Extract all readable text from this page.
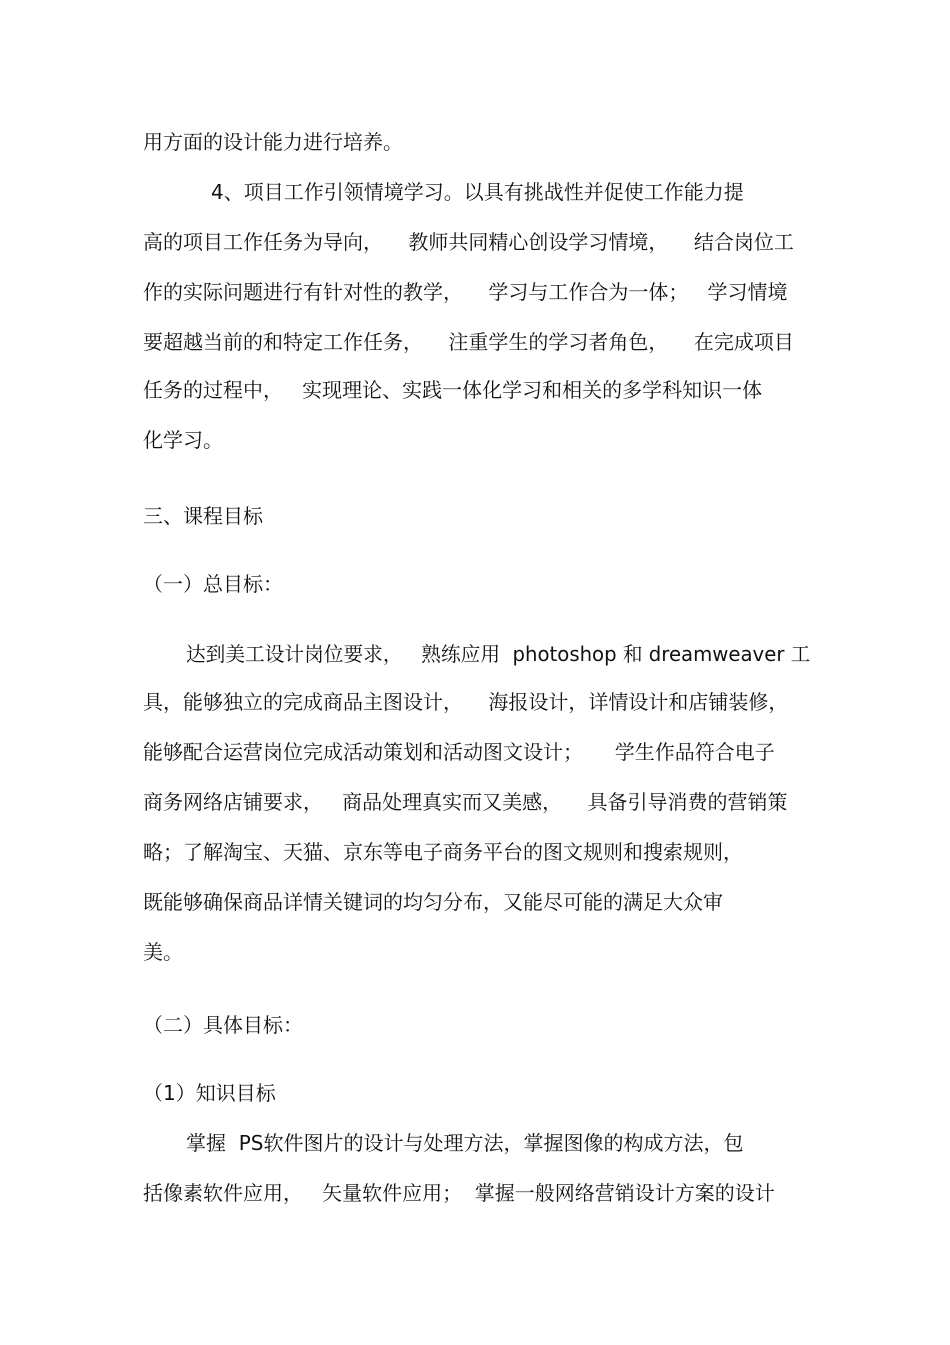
用方面的设计能力进行培养。
4、项目工作引领情境学习。以具有挑战性并促使工作能力提
高的项目工作任务为导向，    教师共同精心创设学习情境，    结合岗位工
作的实际问题进行有针对性的教学，    学习与工作合为一体；   学习情境
要超越当前的和特定工作任务，    注重学生的学习者角色，    在完成项目
任务的过程中，   实现理论、实践一体化学习和相关的多学科知识一体
化学习。
三、课程目标
（一）总目标：
达到美工设计岗位要求，   熟练应用  photoshop 和 dreamweaver 工
具，能够独立的完成商品主图设计，    海报设计，详情设计和店铺装修，
能够配合运营岗位完成活动策划和活动图文设计；     学生作品符合电子
商务网络店铺要求，   商品处理真实而又美感，    具备引导消费的营销策
略；了解淘宝、天猫、京东等电子商务平台的图文规则和搜索规则，
既能够确保商品详情关键词的均匀分布，又能尽可能的满足大众审
美。
（二）具体目标：
（1）知识目标
掌握  PS软件图片的设计与处理方法，掌握图像的构成方法，包
括像素软件应用，   矢量软件应用；  掌握一般网络营销设计方案的设计
